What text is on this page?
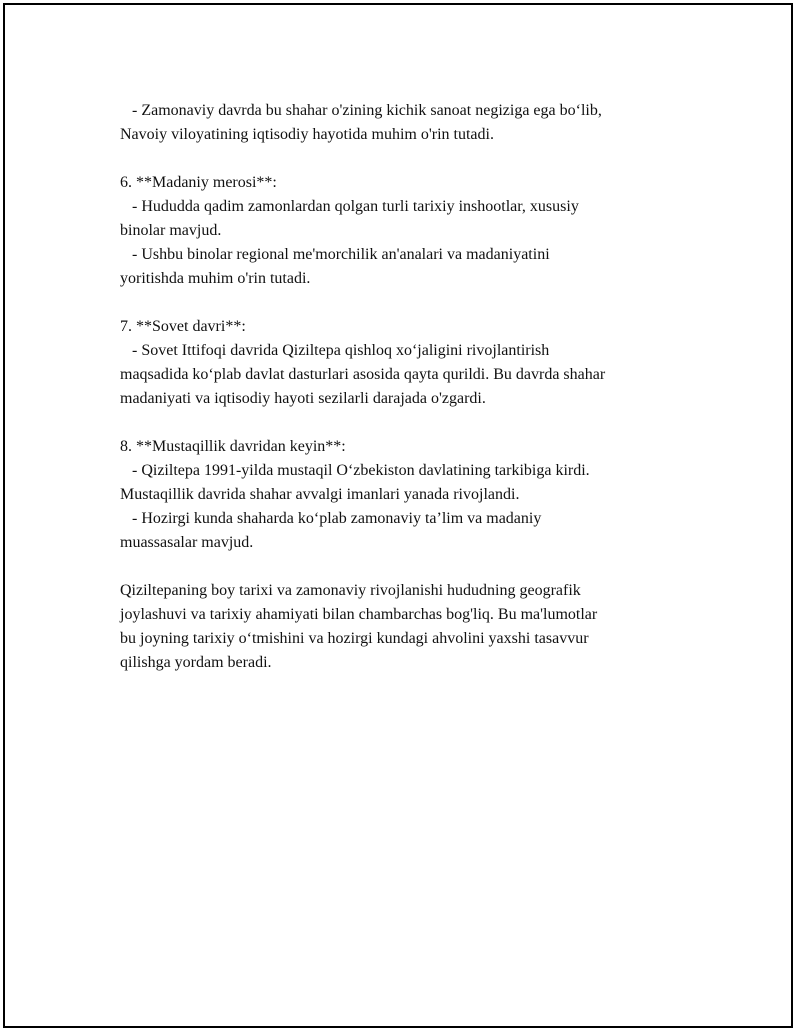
- Zamonaviy davrda bu shahar o'zining kichik sanoat negiziga ega bo‘lib,
Navoiy viloyatining iqtisodiy hayotida muhim o'rin tutadi.
6. **Madaniy merosi**:
- Hududda qadim zamonlardan qolgan turli tarixiy inshootlar, xususiy
binolar mavjud.
- Ushbu binolar regional me'morchilik an'analari va madaniyatini
yoritishda muhim o'rin tutadi.
7. **Sovet davri**:
- Sovet Ittifoqi davrida Qiziltepa qishloq xo‘jaligini rivojlantirish
maqsadida ko‘plab davlat dasturlari asosida qayta qurildi. Bu davrda shahar
madaniyati va iqtisodiy hayoti sezilarli darajada o'zgardi.
8. **Mustaqillik davridan keyin**:
- Qiziltepa 1991-yilda mustaqil O‘zbekiston davlatining tarkibiga kirdi.
Mustaqillik davrida shahar avvalgi imanlari yanada rivojlandi.
- Hozirgi kunda shaharda ko‘plab zamonaviy ta’lim va madaniy
muassasalar mavjud.
Qiziltepaning boy tarixi va zamonaviy rivojlanishi hududning geografik
joylashuvi va tarixiy ahamiyati bilan chambarchas bog'liq. Bu ma'lumotlar
bu joyning tarixiy o‘tmishini va hozirgi kundagi ahvolini yaxshi tasavvur
qilishga yordam beradi.
